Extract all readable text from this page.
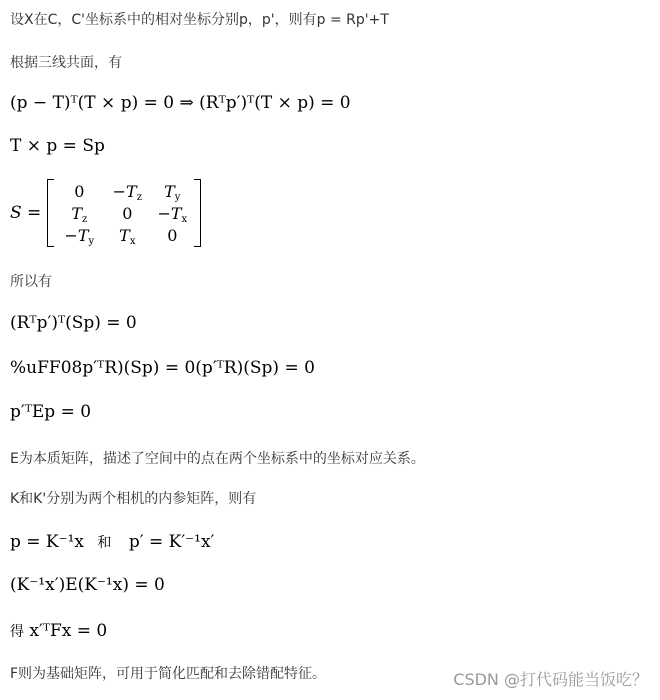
设X在C，C'坐标系中的相对坐标分别p，p'，则有p = Rp'+T
根据三线共面，有
(p − T)ᵀ(T × p) = 0 ⇒ (Rᵀp′)ᵀ(T × p) = 0
T × p = Sp
S =
$0 -T_z$ $T_y$
$T_z$ $0 -T_x$
$-T_y$ $T_x$ 0
所以有
(Rᵀp′)ᵀ(Sp) = 0
%uFF08p′ᵀR)(Sp) = 0(p′ᵀR)(Sp) = 0
p′ᵀEp = 0
E为本质矩阵，描述了空间中的点在两个坐标系中的坐标对应关系。
K和K'分别为两个相机的内参矩阵，则有
p = K⁻¹x 和 p′ = K′⁻¹x′
(K⁻¹x′)E(K⁻¹x) = 0
得 x′ᵀFx = 0
F则为基础矩阵，可用于简化匹配和去除错配特征。	CSDN @打代码能当饭吃？
